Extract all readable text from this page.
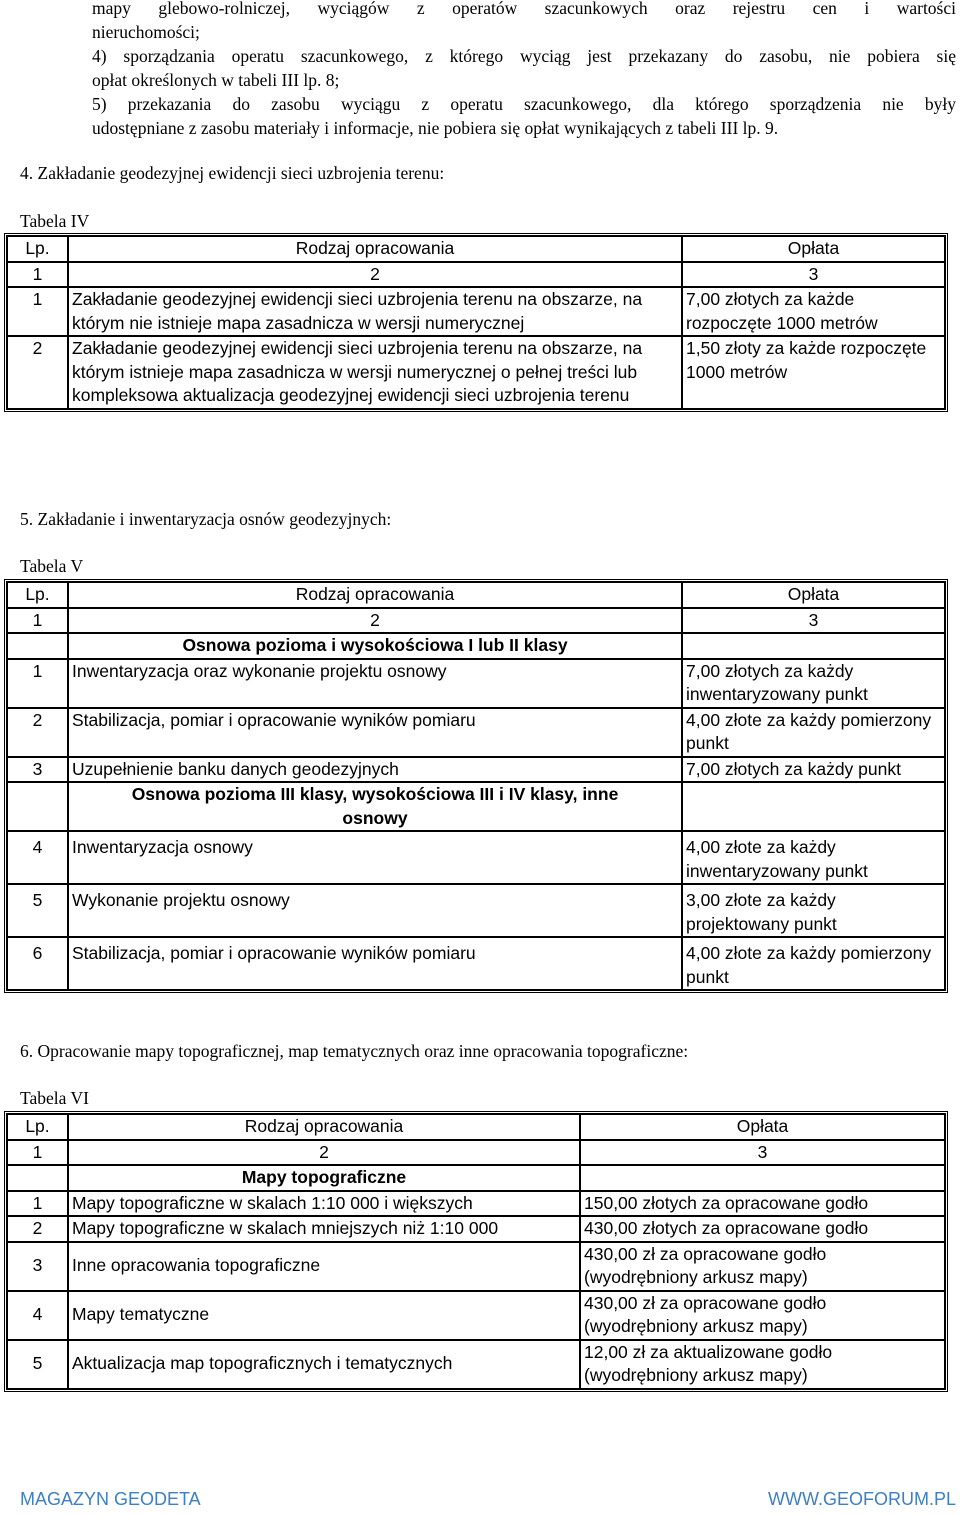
mapy glebowo-rolniczej, wyciągów z operatów szacunkowych oraz rejestru cen i wartości
nieruchomości;
4) sporządzania operatu szacunkowego, z którego wyciąg jest przekazany do zasobu, nie pobiera się
opłat określonych w tabeli III lp. 8;
5) przekazania do zasobu wyciągu z operatu szacunkowego, dla którego sporządzenia nie były
udostępniane z zasobu materiały i informacje, nie pobiera się opłat wynikających z tabeli III lp. 9.
4. Zakładanie geodezyjnej ewidencji sieci uzbrojenia terenu:
Tabela IV
Lp.	Rodzaj opracowania	Opłata
1	2	3
1	Zakładanie geodezyjnej ewidencji sieci uzbrojenia terenu na obszarze, na którym nie istnieje mapa zasadnicza w wersji numerycznej	7,00 złotych za każde rozpoczęte 1000 metrów
2	Zakładanie geodezyjnej ewidencji sieci uzbrojenia terenu na obszarze, na którym istnieje mapa zasadnicza w wersji numerycznej o pełnej treści lub kompleksowa aktualizacja geodezyjnej ewidencji sieci uzbrojenia terenu	1,50 złoty za każde rozpoczęte 1000 metrów
5. Zakładanie i inwentaryzacja osnów geodezyjnych:
Tabela V
Lp.	Rodzaj opracowania	Opłata
1	2	3
	Osnowa pozioma i wysokościowa I lub II klasy	
1	Inwentaryzacja oraz wykonanie projektu osnowy	7,00 złotych za każdy inwentaryzowany punkt
2	Stabilizacja, pomiar i opracowanie wyników pomiaru	4,00 złote za każdy pomierzony punkt
3	Uzupełnienie banku danych geodezyjnych	7,00 złotych za każdy punkt
	Osnowa pozioma III klasy, wysokościowa III i IV klasy, inne osnowy	
4	Inwentaryzacja osnowy	4,00 złote za każdy inwentaryzowany punkt
5	Wykonanie projektu osnowy	3,00 złote za każdy projektowany punkt
6	Stabilizacja, pomiar i opracowanie wyników pomiaru	4,00 złote za każdy pomierzony punkt
6. Opracowanie mapy topograficznej, map tematycznych oraz inne opracowania topograficzne:
Tabela VI
Lp.	Rodzaj opracowania	Opłata
1	2	3
	Mapy topograficzne	
1	Mapy topograficzne w skalach 1:10 000 i większych	150,00 złotych za opracowane godło
2	Mapy topograficzne w skalach mniejszych niż 1:10 000	430,00 złotych za opracowane godło
3	Inne opracowania topograficzne	430,00 zł za opracowane godło (wyodrębniony arkusz mapy)
4	Mapy tematyczne	430,00 zł za opracowane godło (wyodrębniony arkusz mapy)
5	Aktualizacja map topograficznych i tematycznych	12,00 zł za aktualizowane godło (wyodrębniony arkusz mapy)
MAGAZYN GEODETA	WWW.GEOFORUM.PL
